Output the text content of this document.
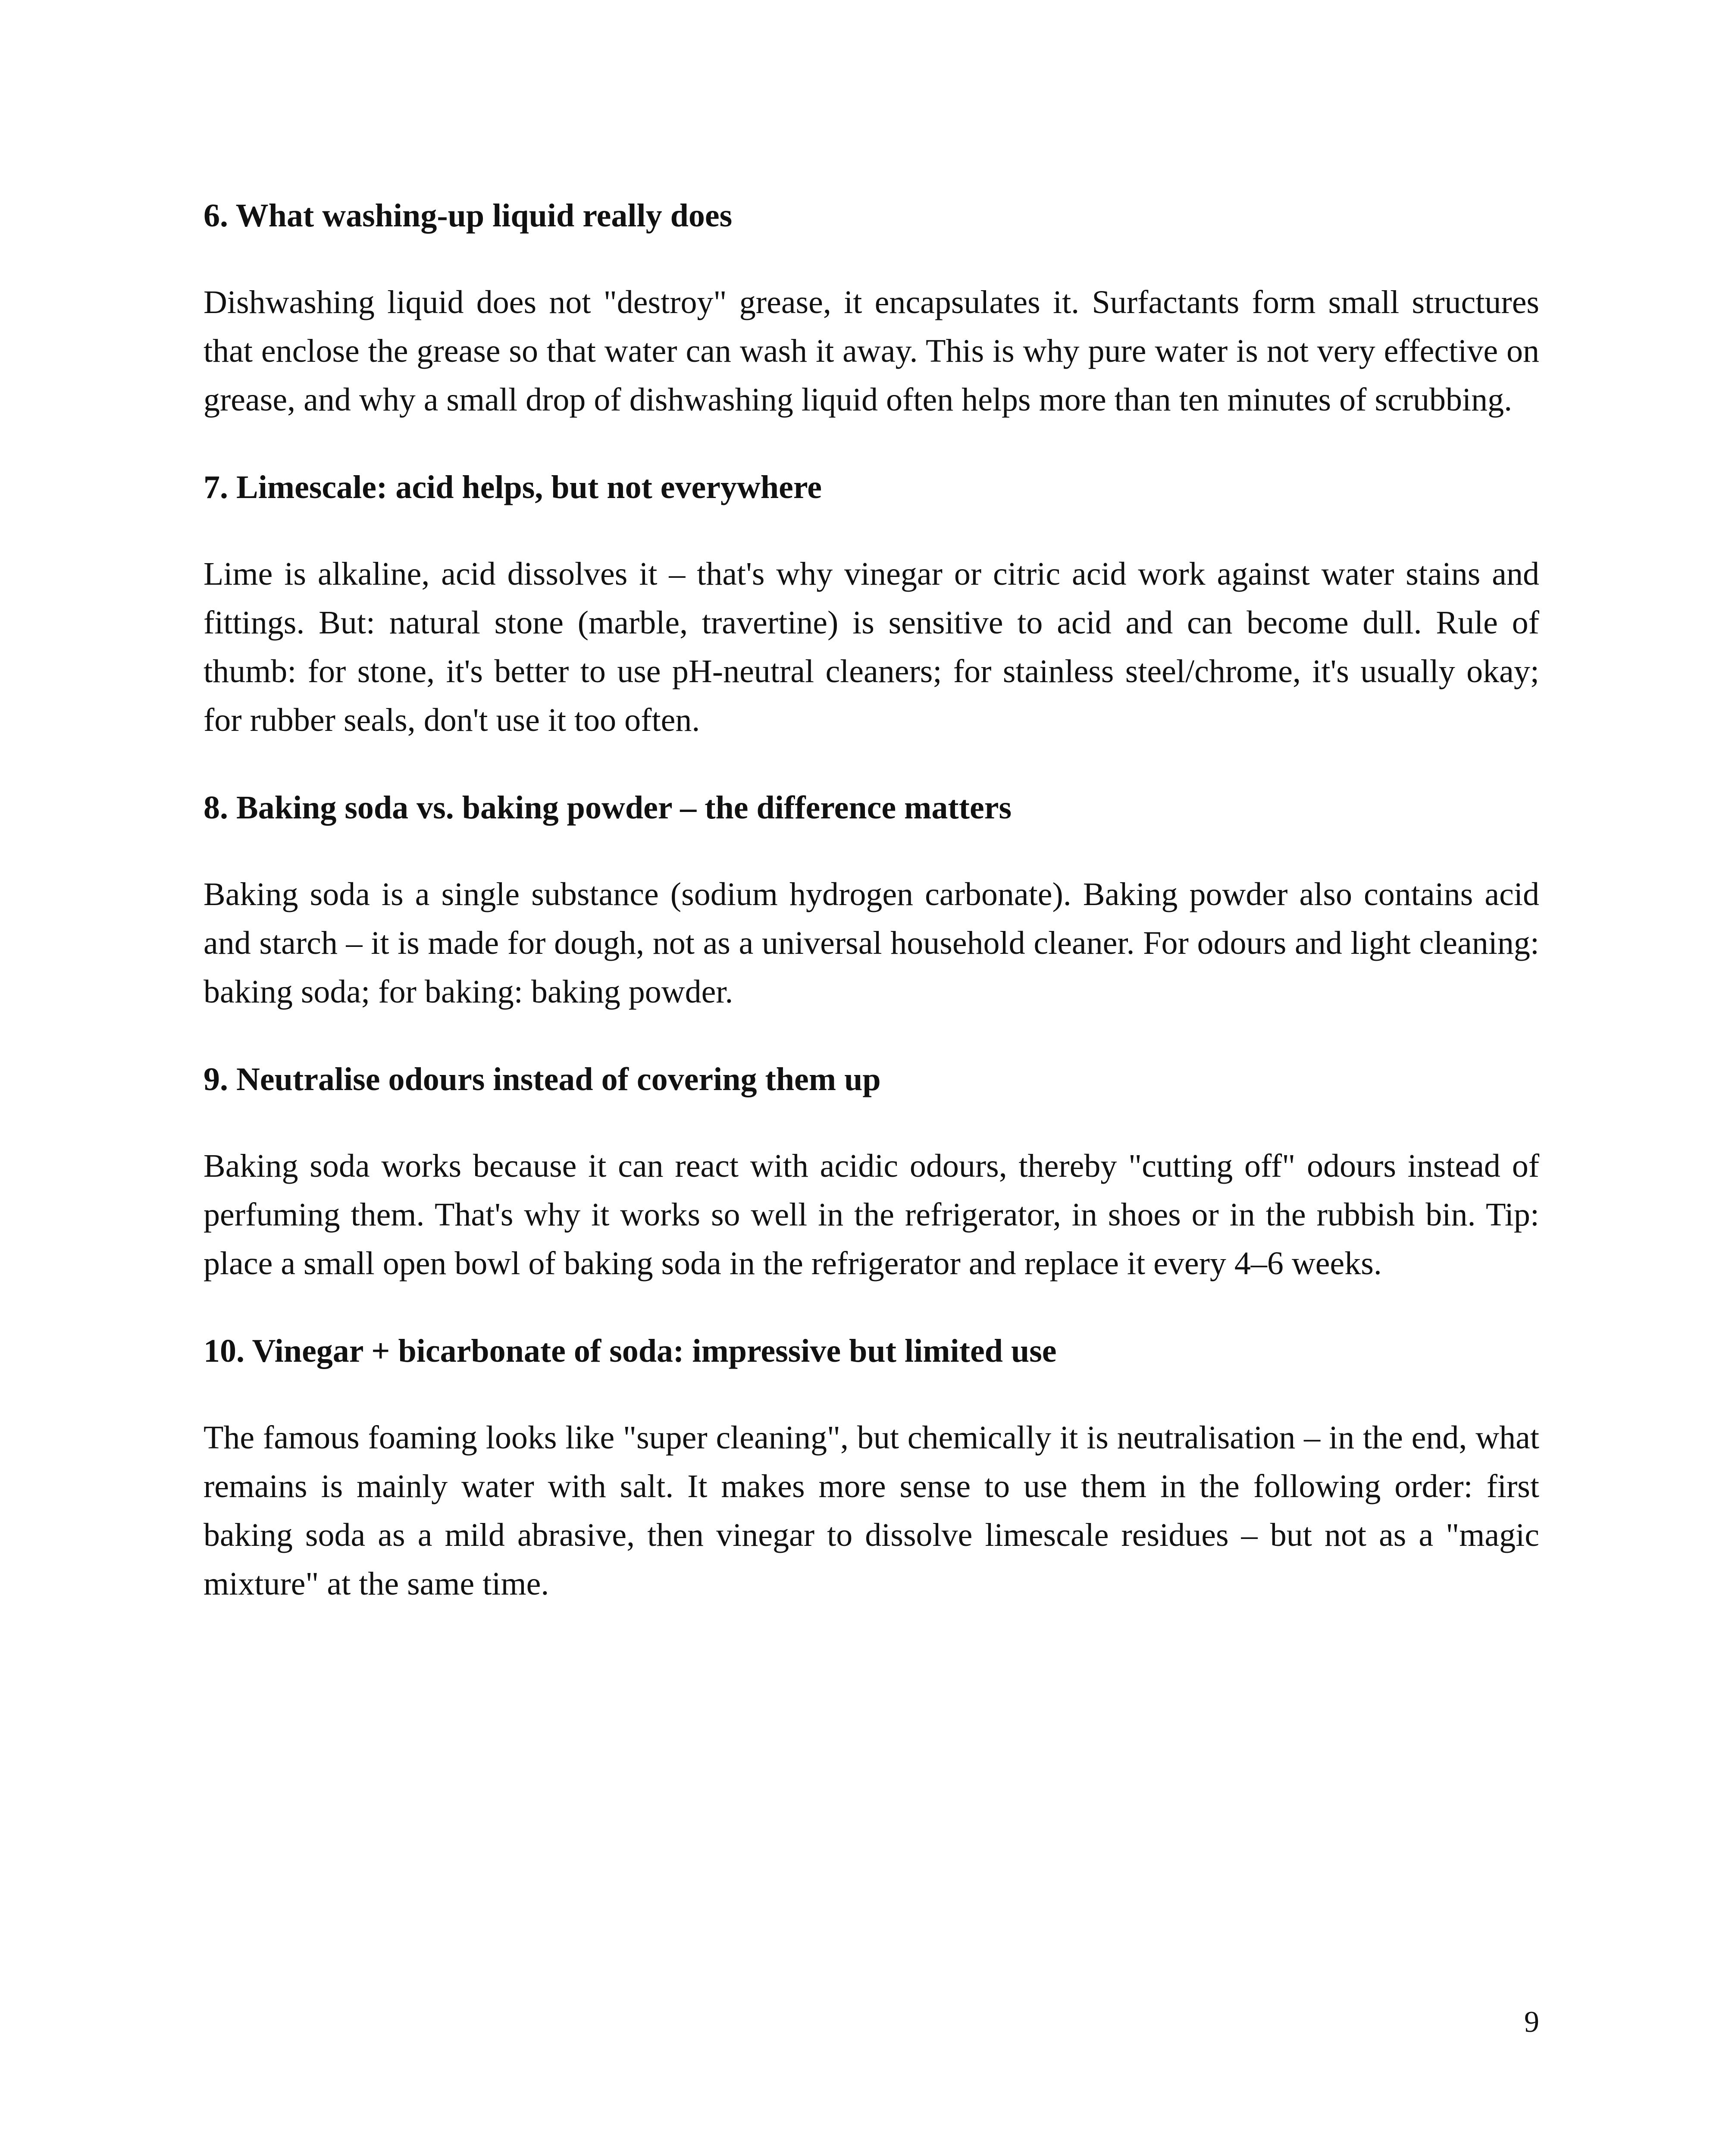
6. What washing-up liquid really does

Dishwashing liquid does not "destroy" grease, it encapsulates it. Surfactants form small structures that enclose the grease so that water can wash it away. This is why pure water is not very effective on grease, and why a small drop of dishwashing liquid often helps more than ten minutes of scrubbing.

7. Limescale: acid helps, but not everywhere

Lime is alkaline, acid dissolves it – that's why vinegar or citric acid work against water stains and fittings. But: natural stone (marble, travertine) is sensitive to acid and can become dull. Rule of thumb: for stone, it's better to use pH-neutral cleaners; for stainless steel/chrome, it's usually okay; for rubber seals, don't use it too often.

8. Baking soda vs. baking powder – the difference matters

Baking soda is a single substance (sodium hydrogen carbonate). Baking powder also contains acid and starch – it is made for dough, not as a universal household cleaner. For odours and light cleaning: baking soda; for baking: baking powder.

9. Neutralise odours instead of covering them up

Baking soda works because it can react with acidic odours, thereby "cutting off" odours instead of perfuming them. That's why it works so well in the refrigerator, in shoes or in the rubbish bin. Tip: place a small open bowl of baking soda in the refrigerator and replace it every 4–6 weeks.

10. Vinegar + bicarbonate of soda: impressive but limited use

The famous foaming looks like "super cleaning", but chemically it is neutralisation – in the end, what remains is mainly water with salt. It makes more sense to use them in the following order: first baking soda as a mild abrasive, then vinegar to dissolve limescale residues – but not as a "magic mixture" at the same time.

9
